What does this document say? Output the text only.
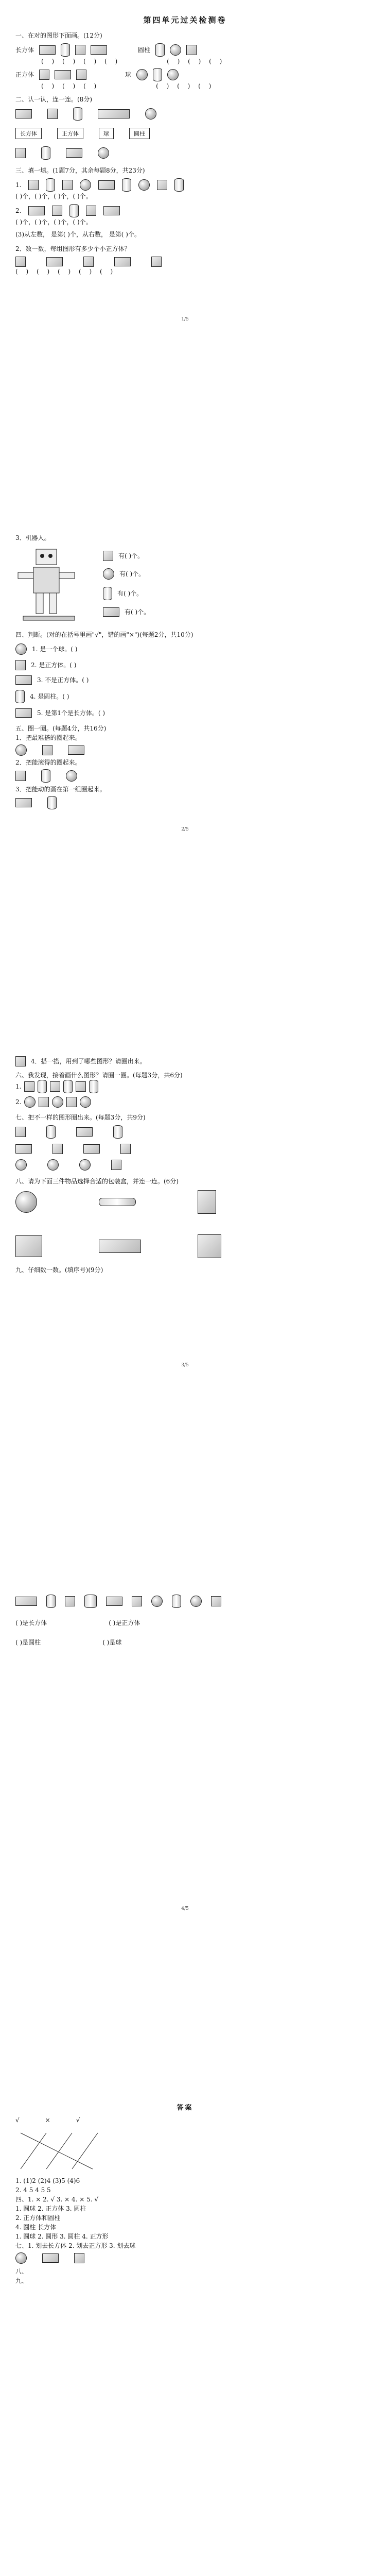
第四单元过关检测卷

一、在对的图形下面画。(12分)

长方体	圆柱
( ) ( ) ( ) ( )	( ) ( ) ( )
正方体	球
( ) ( ) ( )	( ) ( ) ( )

二、认一认，连一连。(8分)

长方体	正方体	球	圆柱

三、填一填。(1题7分，其余每题8分，共23分)

1.

( )个，( )个，( )个，( )个。

2.

( )个，( )个，( )个，( )个。

(3)从左数， 是第( )个，从右数， 是第( )个。

2．数一数，每组图形有多少个小正方体？

( ) ( ) ( ) ( ) ( )

1/5

3．机器人。

有( )个。
有( )个。
有( )个。
有( )个。

四、判断。(对的在括号里画"√"，错的画"×")(每题2分，共10分)

1. 是一个球。( )
2. 是正方体。( )
3. 不是正方体。( )
4. 是圆柱。( )
5. 是第1个是长方体。( )

五、圈一圈。(每题4分，共16分)

1．把最难搭的圈起来。

2．把能滚得的圈起来。

3．把能动的画在第一组圈起来。

2/5
4．搭一搭，用到了哪些图形？请圈出来。

六、我发现，接着画什么图形？请圈一圈。(每题3分，共6分)

1.
2.

七、把不一样的图形圈出来。(每题3分，共9分)

八、请为下面三件物品选择合适的包装盒，并连一连。(6分)

九、仔细数一数。(填序号)(9分)

3/5
( )是长方体	( )是正方体
( )是圆柱	( )是球
4/5
答案
√	×	√

1. (1)2 (2)4 (3)5 (4)6

2. 4 5 4 5 5

四、1. × 2. √ 3. × 4. × 5. √

1. 圆球 2. 正方体 3. 圆柱

2. 正方体和圆柱

4. 圆柱 长方体

1. 圆球 2. 圆形 3. 圆柱 4. 正方形

七、1. 划去长方体 2. 划去正方形 3. 划去球

八、

九、
